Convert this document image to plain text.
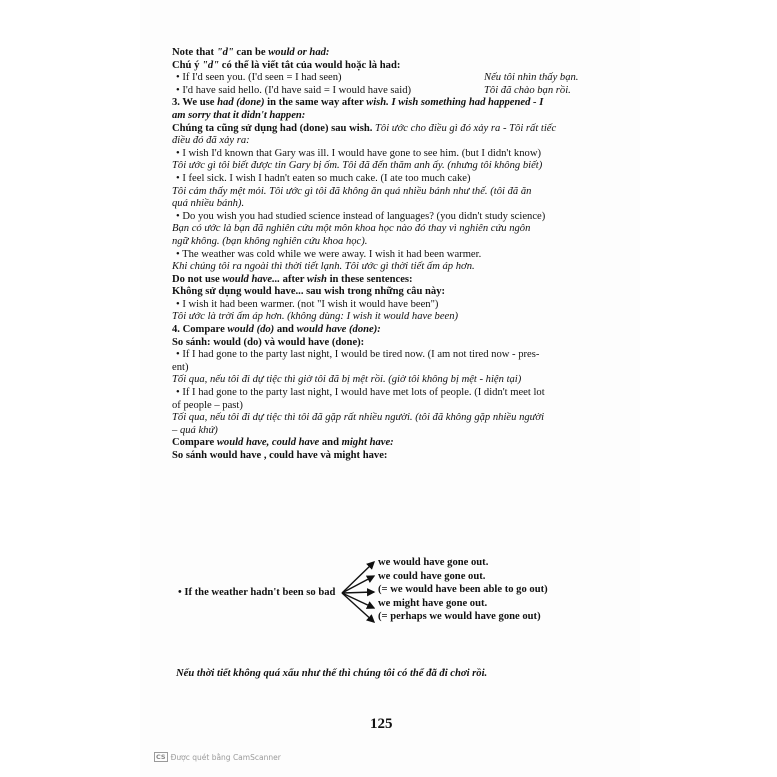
Note that "d" can be would or had:
Chú ý "d" có thể là viết tắt của would hoặc là had:
• If I'd seen you. (I'd seen = I had seen)	Nếu tôi nhìn thấy bạn.
• I'd have said hello. (I'd have said = I would have said)	Tôi đã chào bạn rồi.
3. We use had (done) in the same way after wish. I wish something had happened - I
am sorry that it didn't happen:
Chúng ta cũng sử dụng had (done) sau wish. Tôi ước cho điều gì đó xảy ra - Tôi rất tiếc
điều đó đã xảy ra:
• I wish I'd known that Gary was ill. I would have gone to see him. (but I didn't know)
Tôi ước gì tôi biết được tin Gary bị ốm. Tôi đã đến thăm anh ấy. (nhưng tôi không biết)
• I feel sick. I wish I hadn't eaten so much cake. (I ate too much cake)
Tôi cảm thấy mệt mỏi. Tôi ước gì tôi đã không ăn quá nhiều bánh như thế. (tôi đã ăn
quá nhiều bánh).
• Do you wish you had studied science instead of languages? (you didn't study science)
Bạn có ước là bạn đã nghiên cứu một môn khoa học nào đó thay vì nghiên cứu ngôn
ngữ không. (bạn không nghiên cứu khoa học).
• The weather was cold while we were away. I wish it had been warmer.
Khi chúng tôi ra ngoài thì thời tiết lạnh. Tôi ước gì thời tiết ấm áp hơn.
Do not use would have... after wish in these sentences:
Không sử dụng would have... sau wish trong những câu này:
• I wish it had been warmer. (not "I wish it would have been")
Tôi ước là trời ấm áp hơn. (không dùng: I wish it would have been)
4. Compare would (do) and would have (done):
So sánh: would (do) và would have (done):
• If I had gone to the party last night, I would be tired now. (I am not tired now - pres-
ent)
Tối qua, nếu tôi đi dự tiệc thì giờ tôi đã bị mệt rồi. (giờ tôi không bị mệt - hiện tại)
• If I had gone to the party last night, I would have met lots of people. (I didn't meet lot
of people – past)
Tối qua, nếu tôi đi dự tiệc thì tôi đã gặp rất nhiều người. (tôi đã không gặp nhiều người
– quá khứ)
Compare would have, could have and might have:
So sánh would have , could have và might have:
• If the weather hadn't been so bad
we would have gone out.
we could have gone out.
(= we would have been able to go out)
we might have gone out.
(= perhaps we would have gone out)
Nếu thời tiết không quá xấu như thế thì chúng tôi có thể đã đi chơi rồi.
125
CS Được quét bằng CamScanner
